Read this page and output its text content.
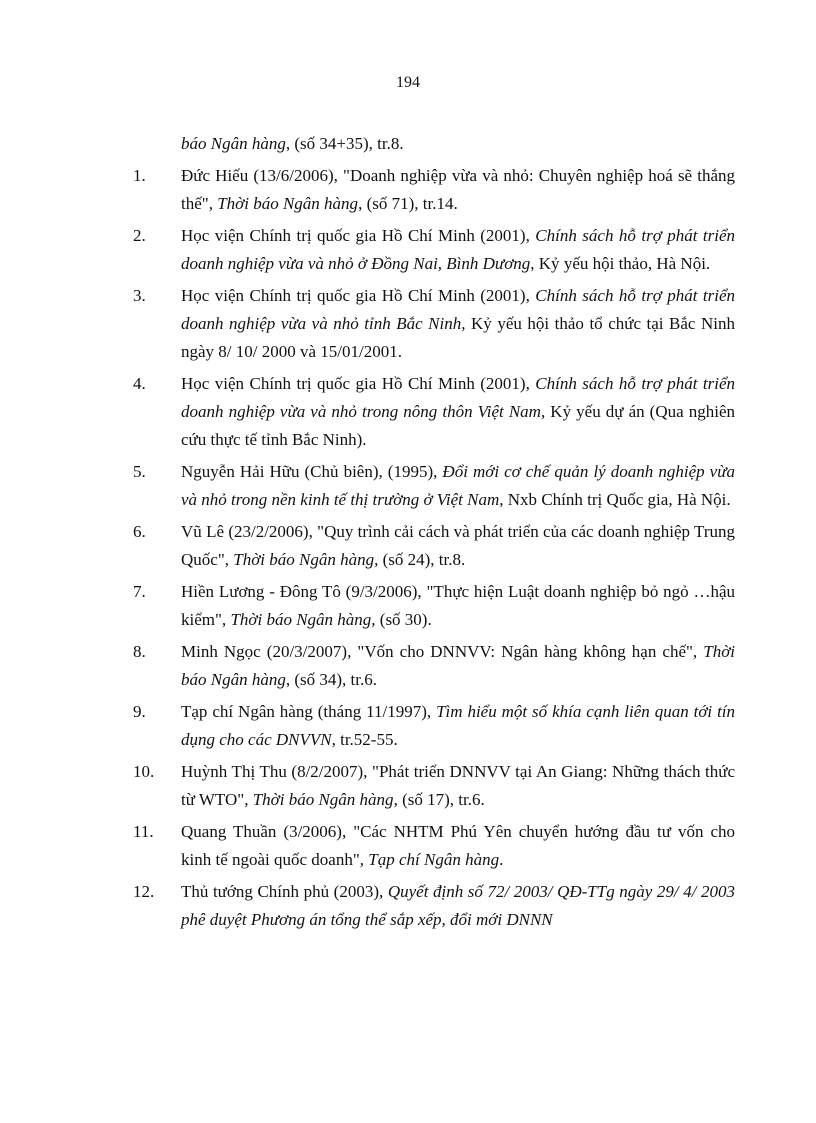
194
báo Ngân hàng, (số 34+35), tr.8.
1. Đức Hiếu (13/6/2006), "Doanh nghiệp vừa và nhỏ: Chuyên nghiệp hoá sẽ thắng thế", Thời báo Ngân hàng, (số 71), tr.14.
2. Học viện Chính trị quốc gia Hồ Chí Minh (2001), Chính sách hỗ trợ phát triển doanh nghiệp vừa và nhỏ ở Đồng Nai, Bình Dương, Kỷ yếu hội thảo, Hà Nội.
3. Học viện Chính trị quốc gia Hồ Chí Minh (2001), Chính sách hỗ trợ phát triển doanh nghiệp vừa và nhỏ tỉnh Bắc Ninh, Kỷ yếu hội thảo tổ chức tại Bắc Ninh ngày 8/ 10/ 2000 và 15/01/2001.
4. Học viện Chính trị quốc gia Hồ Chí Minh (2001), Chính sách hỗ trợ phát triển doanh nghiệp vừa và nhỏ trong nông thôn Việt Nam, Kỷ yếu dự án (Qua nghiên cứu thực tế tỉnh Bắc Ninh).
5. Nguyễn Hải Hữu (Chủ biên), (1995), Đổi mới cơ chế quản lý doanh nghiệp vừa và nhỏ trong nền kinh tế thị trường ở Việt Nam, Nxb Chính trị Quốc gia, Hà Nội.
6. Vũ Lê (23/2/2006), "Quy trình cải cách và phát triển của các doanh nghiệp Trung Quốc", Thời báo Ngân hàng, (số 24), tr.8.
7. Hiền Lương - Đông Tô (9/3/2006), "Thực hiện Luật doanh nghiệp bỏ ngỏ …hậu kiểm", Thời báo Ngân hàng, (số 30).
8. Minh Ngọc (20/3/2007), "Vốn cho DNNVV: Ngân hàng không hạn chế", Thời báo Ngân hàng, (số 34), tr.6.
9. Tạp chí Ngân hàng (tháng 11/1997), Tìm hiểu một số khía cạnh liên quan tới tín dụng cho các DNVVN, tr.52-55.
10. Huỳnh Thị Thu (8/2/2007), "Phát triển DNNVV tại An Giang: Những thách thức từ WTO", Thời báo Ngân hàng, (số 17), tr.6.
11. Quang Thuần (3/2006), "Các NHTM Phú Yên chuyển hướng đầu tư vốn cho kinh tế ngoài quốc doanh", Tạp chí Ngân hàng.
12. Thủ tướng Chính phủ (2003), Quyết định số 72/ 2003/ QĐ-TTg ngày 29/ 4/ 2003 phê duyệt Phương án tổng thể sắp xếp, đổi mới DNNN
